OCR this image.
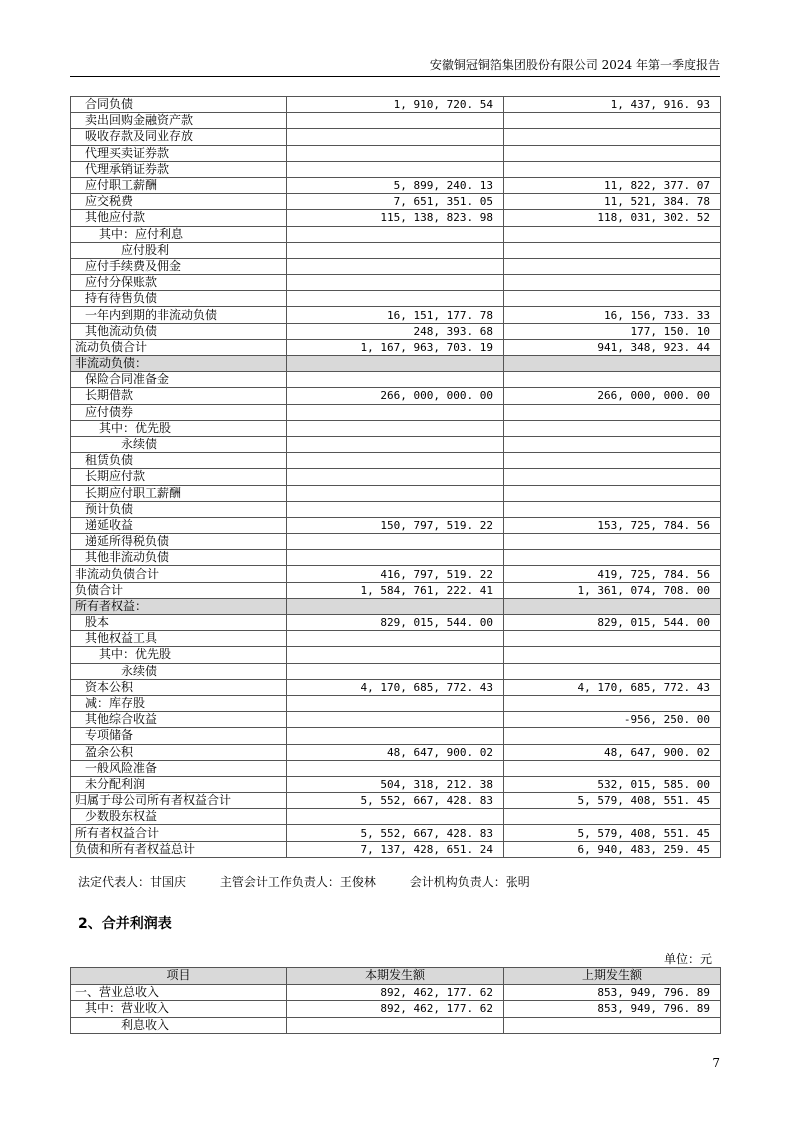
安徽铜冠铜箔集团股份有限公司 2024 年第一季度报告
合同负债	1, 910, 720. 54	1, 437, 916. 93
卖出回购金融资产款		
吸收存款及同业存放		
代理买卖证券款		
代理承销证券款		
应付职工薪酬	5, 899, 240. 13	11, 822, 377. 07
应交税费	7, 651, 351. 05	11, 521, 384. 78
其他应付款	115, 138, 823. 98	118, 031, 302. 52
其中：应付利息		
应付股利		
应付手续费及佣金		
应付分保账款		
持有待售负债		
一年内到期的非流动负债	16, 151, 177. 78	16, 156, 733. 33
其他流动负债	248, 393. 68	177, 150. 10
流动负债合计	1, 167, 963, 703. 19	941, 348, 923. 44
非流动负债：		
保险合同准备金		
长期借款	266, 000, 000. 00	266, 000, 000. 00
应付债券		
其中：优先股		
永续债		
租赁负债		
长期应付款		
长期应付职工薪酬		
预计负债		
递延收益	150, 797, 519. 22	153, 725, 784. 56
递延所得税负债		
其他非流动负债		
非流动负债合计	416, 797, 519. 22	419, 725, 784. 56
负债合计	1, 584, 761, 222. 41	1, 361, 074, 708. 00
所有者权益：		
股本	829, 015, 544. 00	829, 015, 544. 00
其他权益工具		
其中：优先股		
永续债		
资本公积	4, 170, 685, 772. 43	4, 170, 685, 772. 43
减：库存股		
其他综合收益		-956, 250. 00
专项储备		
盈余公积	48, 647, 900. 02	48, 647, 900. 02
一般风险准备		
未分配利润	504, 318, 212. 38	532, 015, 585. 00
归属于母公司所有者权益合计	5, 552, 667, 428. 83	5, 579, 408, 551. 45
少数股东权益		
所有者权益合计	5, 552, 667, 428. 83	5, 579, 408, 551. 45
负债和所有者权益总计	7, 137, 428, 651. 24	6, 940, 483, 259. 45
法定代表人：甘国庆	主管会计工作负责人：王俊林	会计机构负责人：张明
2、合并利润表
单位：元
项目	本期发生额	上期发生额
一、营业总收入	892, 462, 177. 62	853, 949, 796. 89
其中：营业收入	892, 462, 177. 62	853, 949, 796. 89
利息收入		
7
